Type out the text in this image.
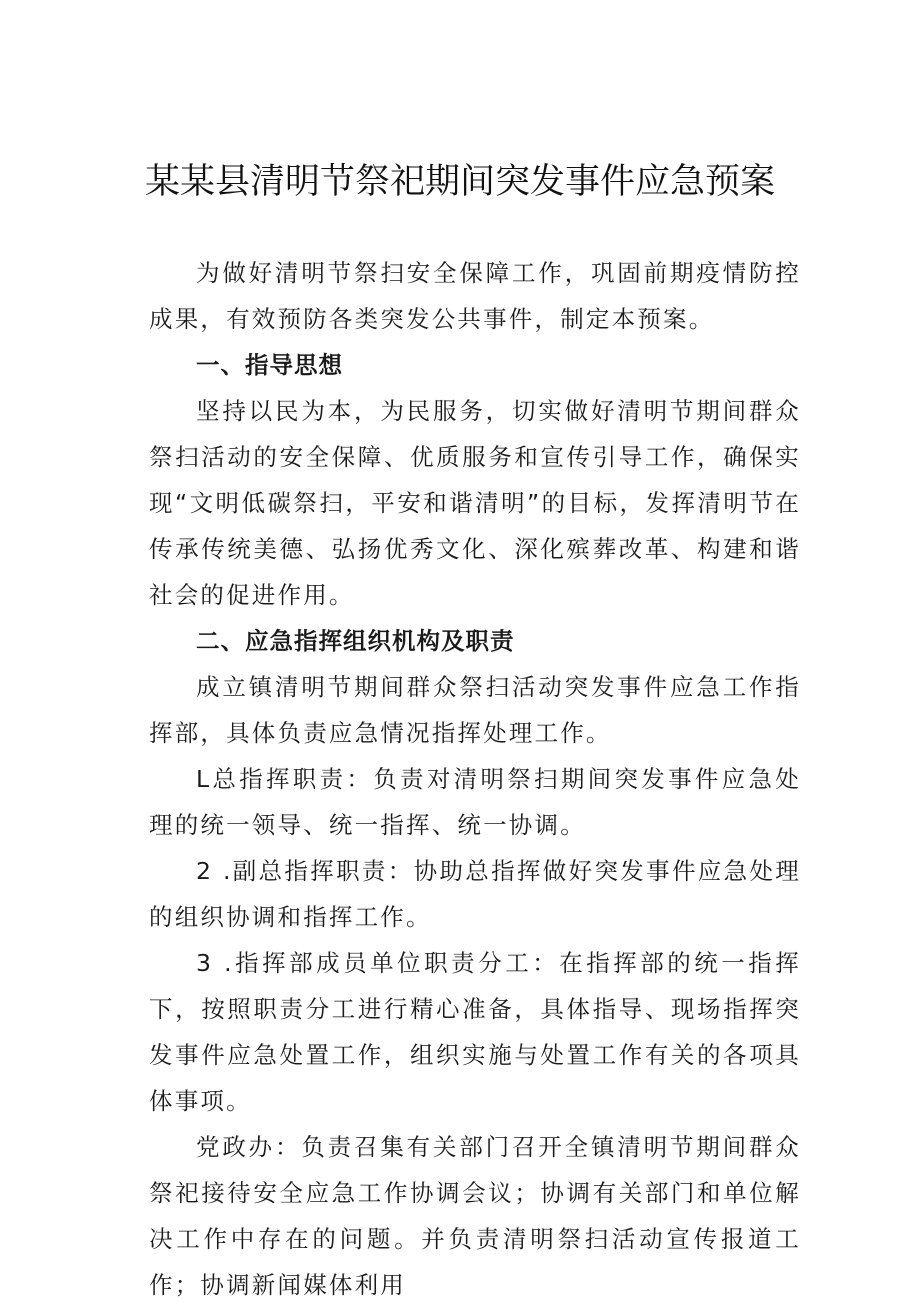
某某县清明节祭祀期间突发事件应急预案

为做好清明节祭扫安全保障工作，巩固前期疫情防控成果，有效预防各类突发公共事件，制定本预案。

一、指导思想

坚持以民为本，为民服务，切实做好清明节期间群众祭扫活动的安全保障、优质服务和宣传引导工作，确保实现“文明低碳祭扫，平安和谐清明”的目标，发挥清明节在传承传统美德、弘扬优秀文化、深化殡葬改革、构建和谐社会的促进作用。

二、应急指挥组织机构及职责

成立镇清明节期间群众祭扫活动突发事件应急工作指挥部，具体负责应急情况指挥处理工作。

L总指挥职责：负责对清明祭扫期间突发事件应急处理的统一领导、统一指挥、统一协调。

2 .副总指挥职责：协助总指挥做好突发事件应急处理的组织协调和指挥工作。

3 .指挥部成员单位职责分工：在指挥部的统一指挥下，按照职责分工进行精心准备，具体指导、现场指挥突发事件应急处置工作，组织实施与处置工作有关的各项具体事项。

党政办：负责召集有关部门召开全镇清明节期间群众祭祀接待安全应急工作协调会议；协调有关部门和单位解决工作中存在的问题。并负责清明祭扫活动宣传报道工作；协调新闻媒体利用
